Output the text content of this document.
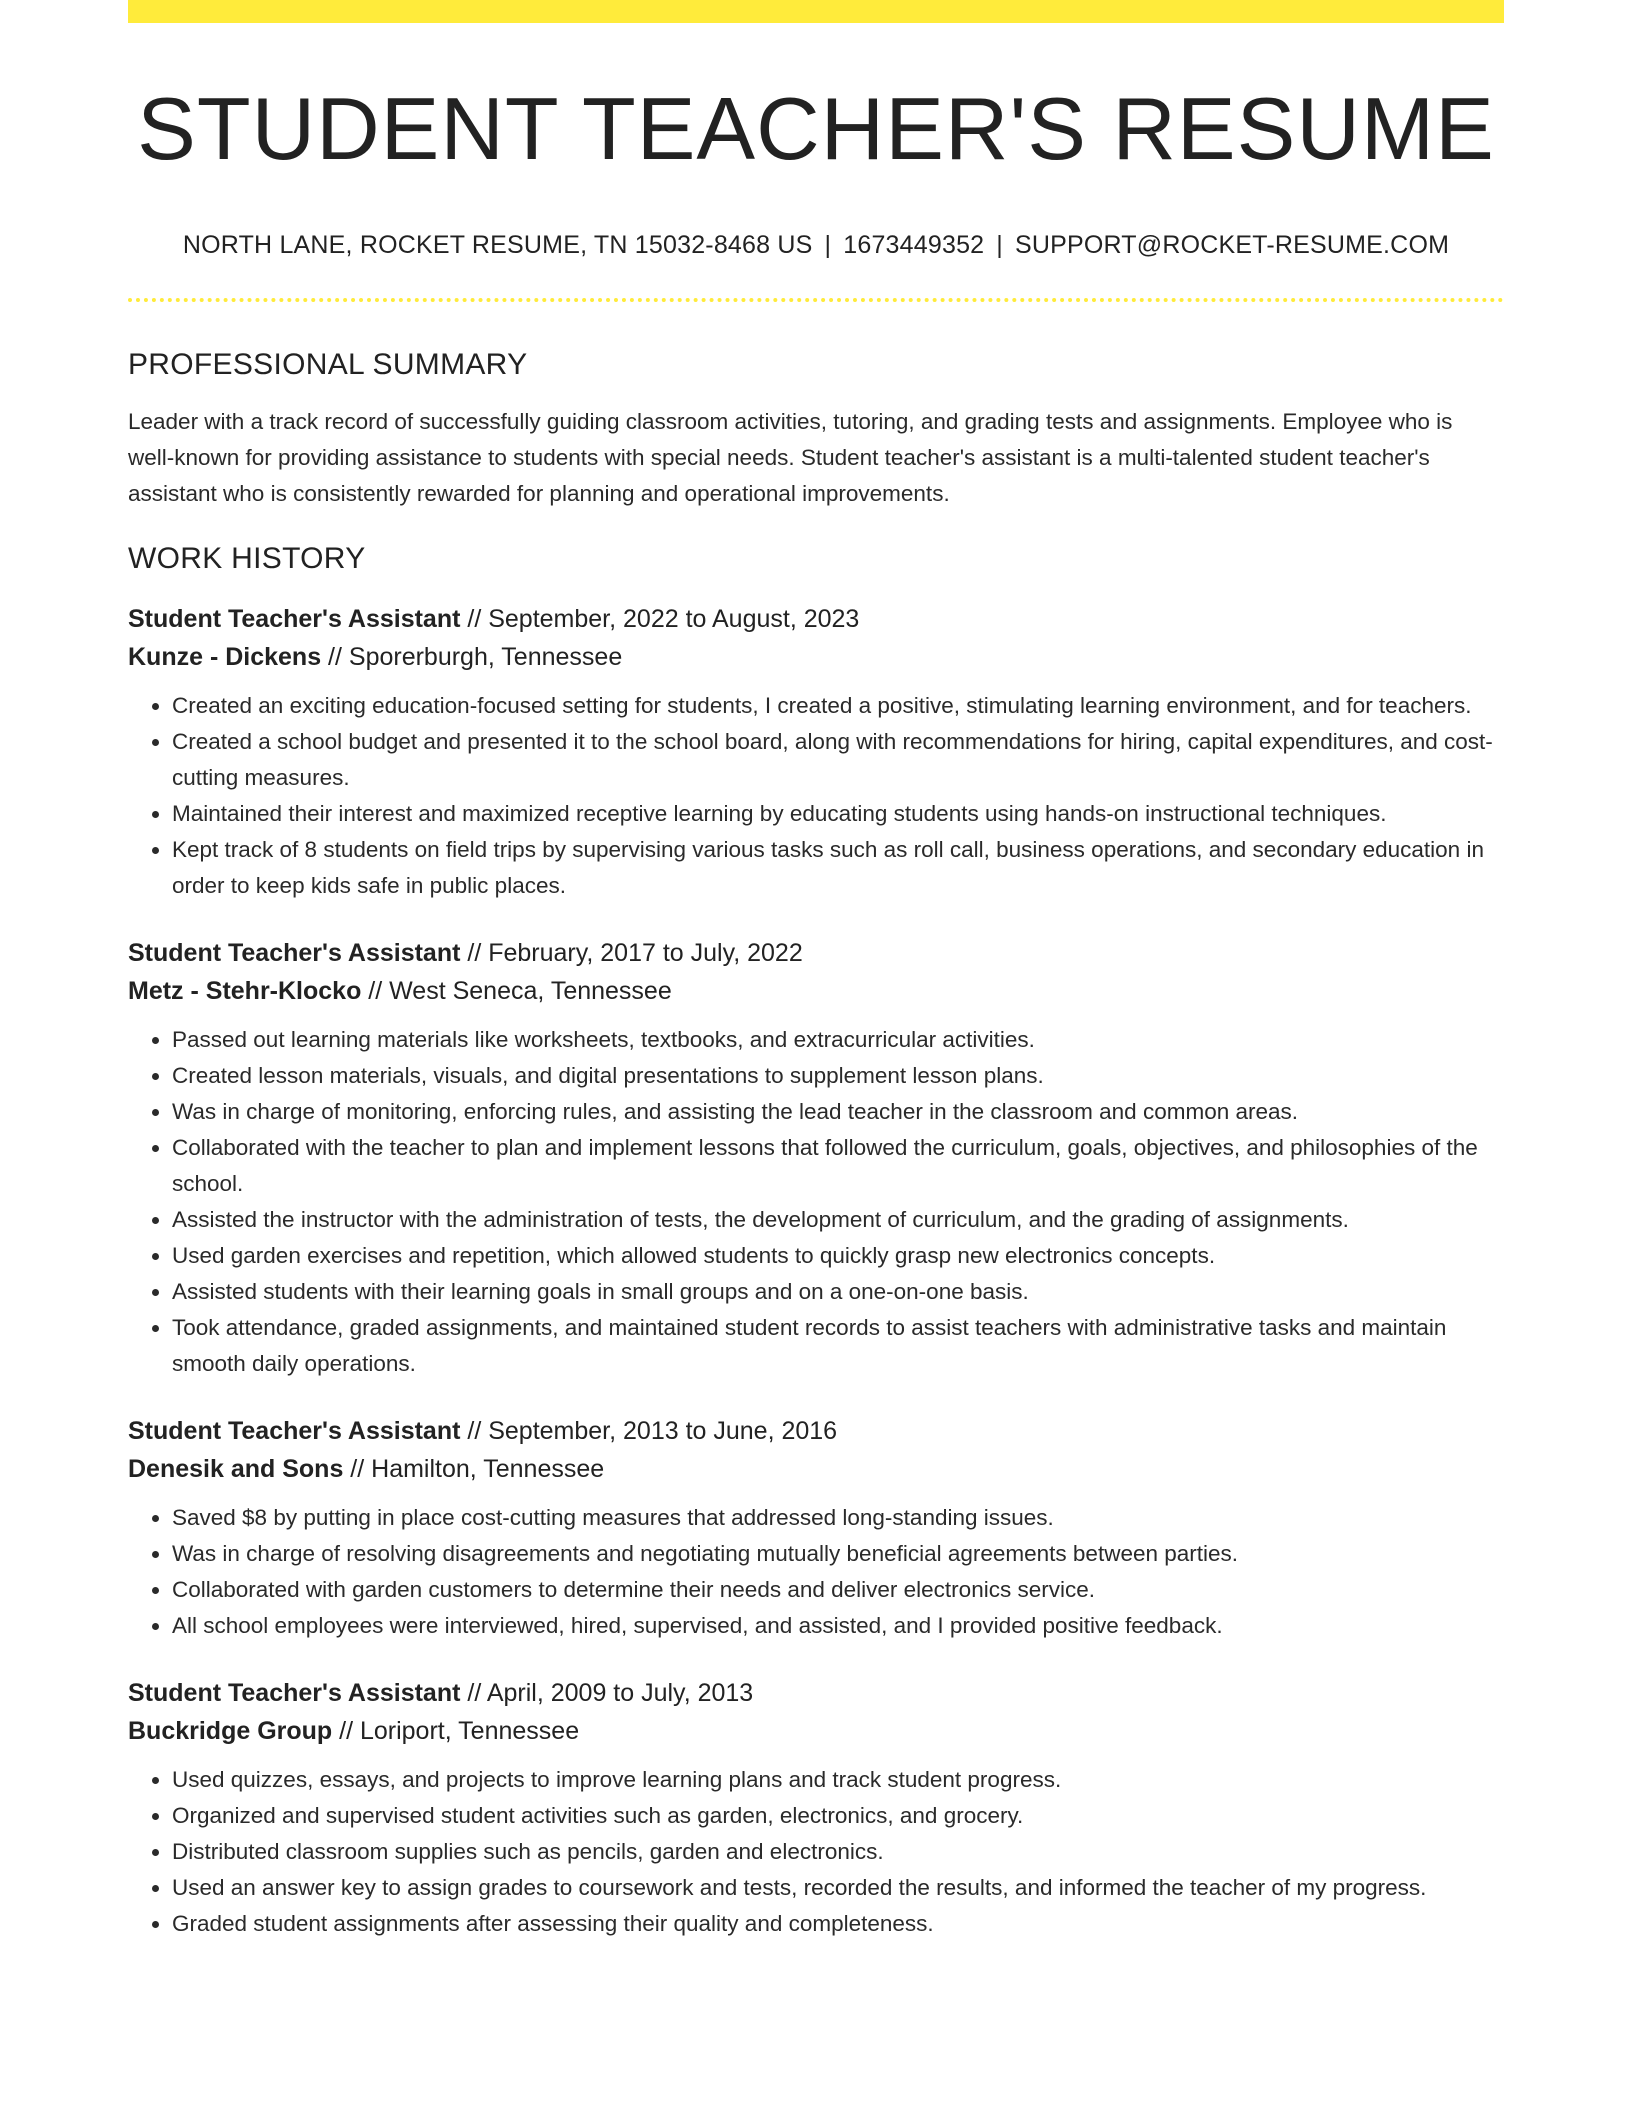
STUDENT TEACHER'S RESUME
NORTH LANE, ROCKET RESUME, TN 15032-8468 US | 1673449352 | SUPPORT@ROCKET-RESUME.COM
PROFESSIONAL SUMMARY

Leader with a track record of successfully guiding classroom activities, tutoring, and grading tests and assignments. Employee who is well-known for providing assistance to students with special needs. Student teacher's assistant is a multi-talented student teacher's assistant who is consistently rewarded for planning and operational improvements.

WORK HISTORY
Student Teacher's Assistant // September, 2022 to August, 2023
Kunze - Dickens // Sporerburgh, Tennessee
• Created an exciting education-focused setting for students, I created a positive, stimulating learning environment, and for teachers.
• Created a school budget and presented it to the school board, along with recommendations for hiring, capital expenditures, and cost-cutting measures.
• Maintained their interest and maximized receptive learning by educating students using hands-on instructional techniques.
• Kept track of 8 students on field trips by supervising various tasks such as roll call, business operations, and secondary education in order to keep kids safe in public places.
Student Teacher's Assistant // February, 2017 to July, 2022
Metz - Stehr-Klocko // West Seneca, Tennessee
• Passed out learning materials like worksheets, textbooks, and extracurricular activities.
• Created lesson materials, visuals, and digital presentations to supplement lesson plans.
• Was in charge of monitoring, enforcing rules, and assisting the lead teacher in the classroom and common areas.
• Collaborated with the teacher to plan and implement lessons that followed the curriculum, goals, objectives, and philosophies of the school.
• Assisted the instructor with the administration of tests, the development of curriculum, and the grading of assignments.
• Used garden exercises and repetition, which allowed students to quickly grasp new electronics concepts.
• Assisted students with their learning goals in small groups and on a one-on-one basis.
• Took attendance, graded assignments, and maintained student records to assist teachers with administrative tasks and maintain smooth daily operations.
Student Teacher's Assistant // September, 2013 to June, 2016
Denesik and Sons // Hamilton, Tennessee
• Saved $8 by putting in place cost-cutting measures that addressed long-standing issues.
• Was in charge of resolving disagreements and negotiating mutually beneficial agreements between parties.
• Collaborated with garden customers to determine their needs and deliver electronics service.
• All school employees were interviewed, hired, supervised, and assisted, and I provided positive feedback.
Student Teacher's Assistant // April, 2009 to July, 2013
Buckridge Group // Loriport, Tennessee
• Used quizzes, essays, and projects to improve learning plans and track student progress.
• Organized and supervised student activities such as garden, electronics, and grocery.
• Distributed classroom supplies such as pencils, garden and electronics.
• Used an answer key to assign grades to coursework and tests, recorded the results, and informed the teacher of my progress.
• Graded student assignments after assessing their quality and completeness.
